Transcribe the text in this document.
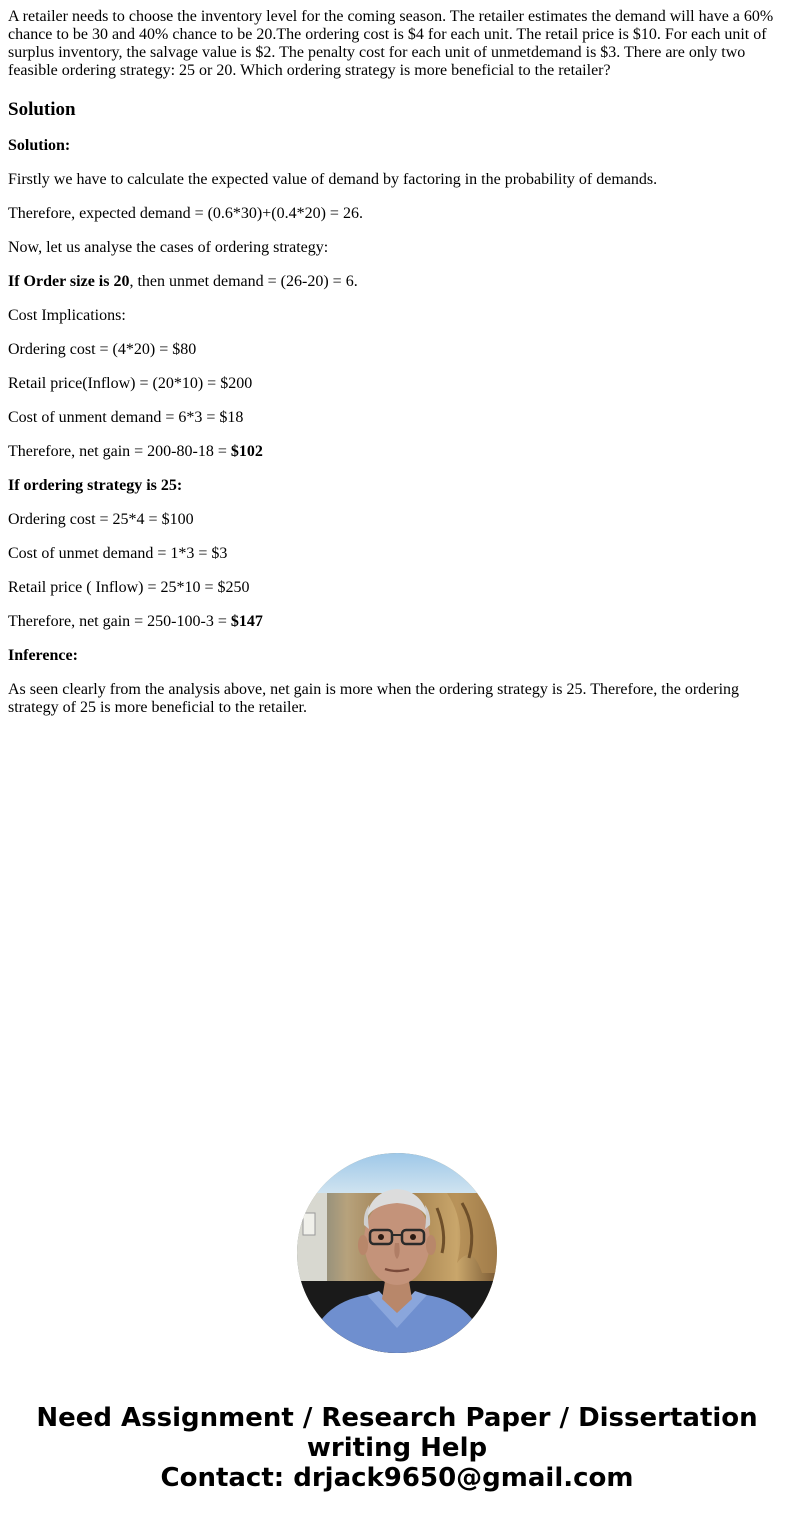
A retailer needs to choose the inventory level for the coming season. The retailer estimates the demand will have a 60% chance to be 30 and 40% chance to be 20.The ordering cost is $4 for each unit. The retail price is $10. For each unit of surplus inventory, the salvage value is $2. The penalty cost for each unit of unmetdemand is $3. There are only two feasible ordering strategy: 25 or 20. Which ordering strategy is more beneficial to the retailer?

Solution

Solution:

Firstly we have to calculate the expected value of demand by factoring in the probability of demands.

Therefore, expected demand = (0.6*30)+(0.4*20) = 26.

Now, let us analyse the cases of ordering strategy:

If Order size is 20, then unmet demand = (26-20) = 6.

Cost Implications:

Ordering cost = (4*20) = $80

Retail price(Inflow) = (20*10) = $200

Cost of unment demand = 6*3 = $18

Therefore, net gain = 200-80-18 = $102

If ordering strategy is 25:

Ordering cost = 25*4 = $100

Cost of unmet demand = 1*3 = $3

Retail price ( Inflow) = 25*10 = $250

Therefore, net gain = 250-100-3 = $147

Inference:

As seen clearly from the analysis above, net gain is more when the ordering strategy is 25. Therefore, the ordering strategy of 25 is more beneficial to the retailer.

Need Assignment / Research Paper / Dissertation
writing Help
Contact: drjack9650@gmail.com
